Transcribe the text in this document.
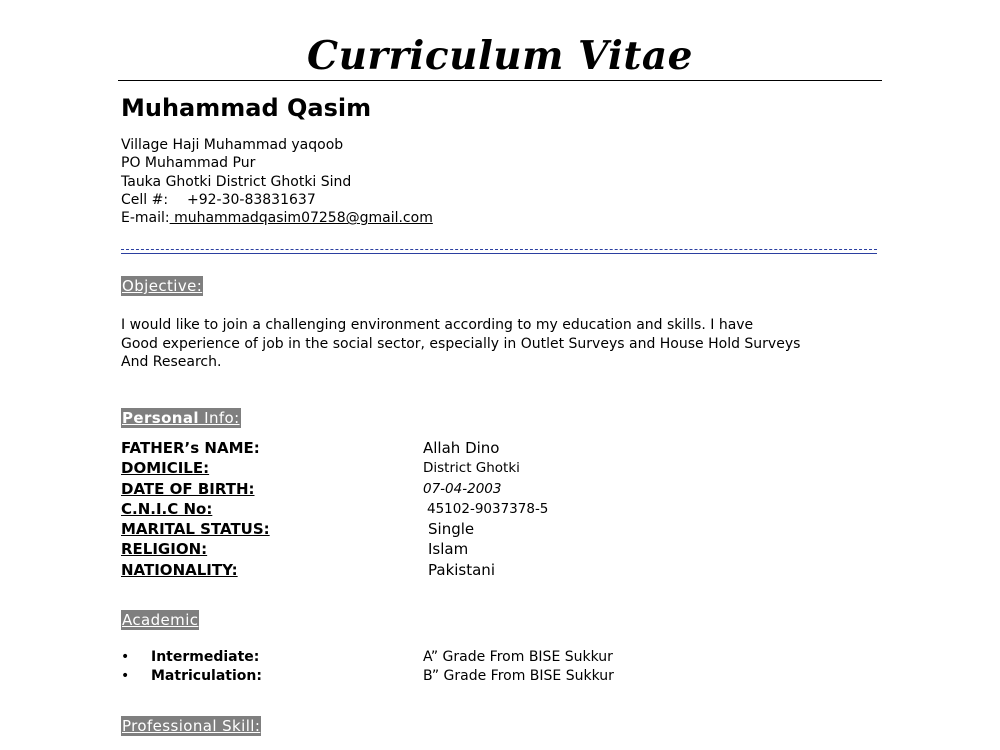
Curriculum Vitae
Muhammad Qasim
Village Haji Muhammad yaqoob
PO Muhammad Pur
Tauka Ghotki District Ghotki Sind
Cell #: +92-30-83831637
E-mail: muhammadqasim07258@gmail.com
Objective:
I would like to join a challenging environment according to my education and skills. I have
Good experience of job in the social sector, especially in Outlet Surveys and House Hold Surveys
And Research.
Personal Info:
FATHER’s NAME:	Allah Dino
DOMICILE:	District Ghotki
DATE OF BIRTH:	07-04-2003
C.N.I.C No:	45102-9037378-5
MARITAL STATUS:	Single
RELIGION:	Islam
NATIONALITY:	Pakistani
Academic
• Intermediate:	A” Grade From BISE Sukkur
• Matriculation:	B” Grade From BISE Sukkur
Professional Skill:
